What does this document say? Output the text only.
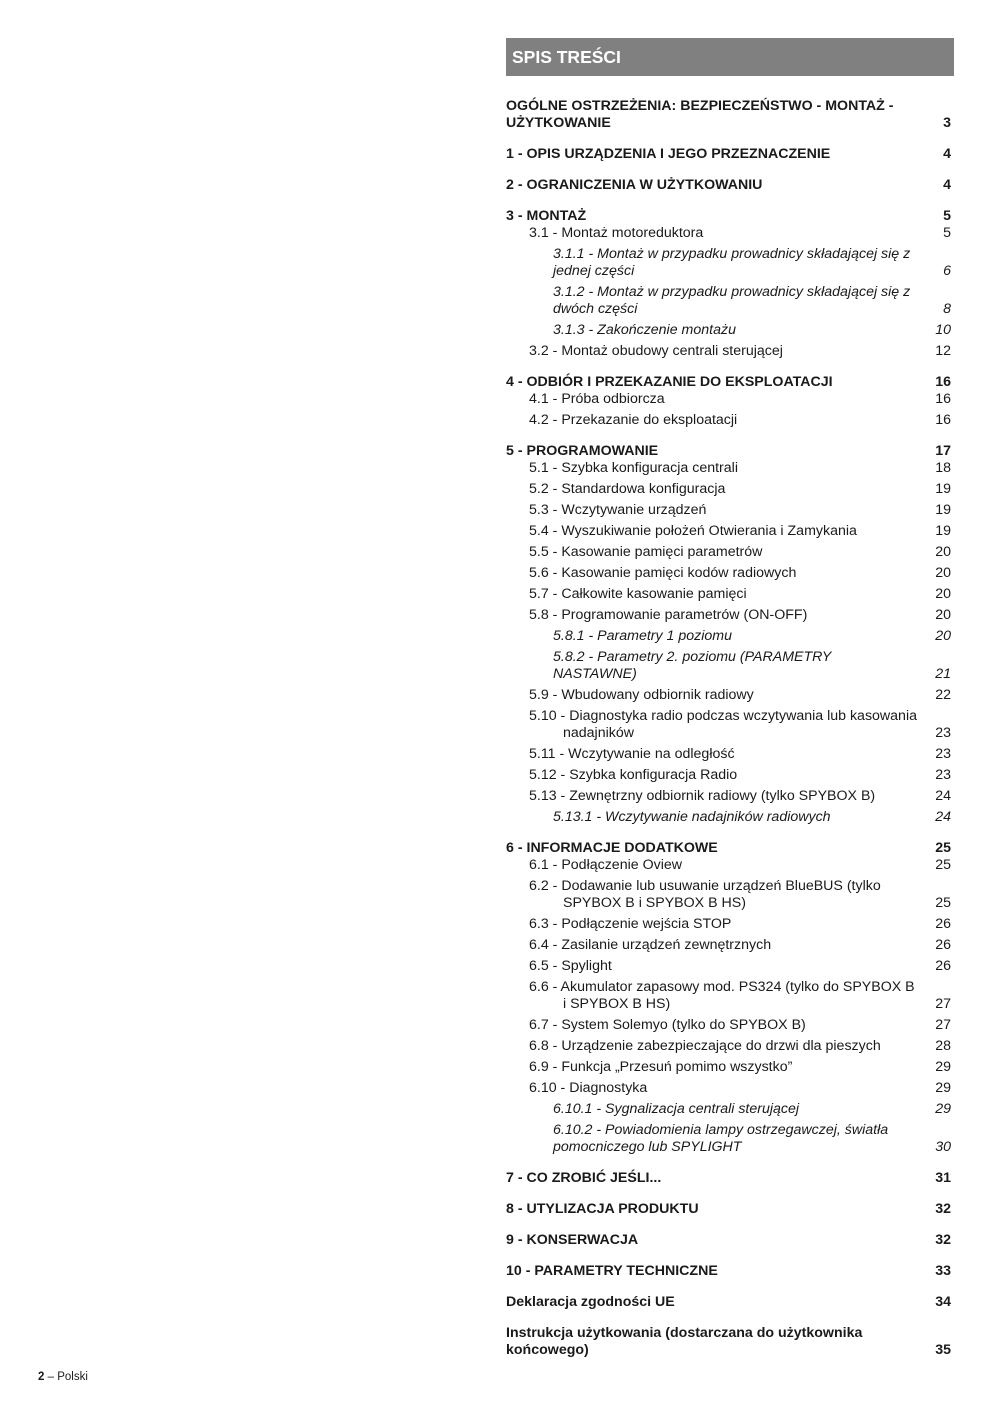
SPIS TREŚCI
OGÓLNE OSTRZEŻENIA: BEZPIECZEŃSTWO - MONTAŻ - UŻYTKOWANIE	3
1 - OPIS URZĄDZENIA I JEGO PRZEZNACZENIE	4
2 - OGRANICZENIA W UŻYTKOWANIU	4
3 - MONTAŻ	5
3.1 - Montaż motoreduktora	5
3.1.1 - Montaż w przypadku prowadnicy składającej się z jednej części	6
3.1.2 - Montaż w przypadku prowadnicy składającej się z dwóch części	8
3.1.3 - Zakończenie montażu	10
3.2 - Montaż obudowy centrali sterującej	12
4 - ODBIÓR I PRZEKAZANIE DO EKSPLOATACJI	16
4.1 - Próba odbiorcza	16
4.2 - Przekazanie do eksploatacji	16
5 - PROGRAMOWANIE	17
5.1 - Szybka konfiguracja centrali	18
5.2 - Standardowa konfiguracja	19
5.3 - Wczytywanie urządzeń	19
5.4 - Wyszukiwanie położeń Otwierania i Zamykania	19
5.5 - Kasowanie pamięci parametrów	20
5.6 - Kasowanie pamięci kodów radiowych	20
5.7 - Całkowite kasowanie pamięci	20
5.8 - Programowanie parametrów (ON-OFF)	20
5.8.1 - Parametry 1 poziomu	20
5.8.2 - Parametry 2. poziomu (PARAMETRY NASTAWNE)	21
5.9 - Wbudowany odbiornik radiowy	22
5.10 - Diagnostyka radio podczas wczytywania lub kasowania nadajników	23
5.11 - Wczytywanie na odległość	23
5.12 - Szybka konfiguracja Radio	23
5.13 - Zewnętrzny odbiornik radiowy (tylko SPYBOX B)	24
5.13.1 - Wczytywanie nadajników radiowych	24
6 - INFORMACJE DODATKOWE	25
6.1 - Podłączenie Oview	25
6.2 - Dodawanie lub usuwanie urządzeń BlueBUS (tylko SPYBOX B i SPYBOX B HS)	25
6.3 - Podłączenie wejścia STOP	26
6.4 - Zasilanie urządzeń zewnętrznych	26
6.5 - Spylight	26
6.6 - Akumulator zapasowy mod. PS324 (tylko do SPYBOX B i SPYBOX B HS)	27
6.7 - System Solemyo (tylko do SPYBOX B)	27
6.8 - Urządzenie zabezpieczające do drzwi dla pieszych	28
6.9 - Funkcja „Przesuń pomimo wszystko”	29
6.10 - Diagnostyka	29
6.10.1 - Sygnalizacja centrali sterującej	29
6.10.2 - Powiadomienia lampy ostrzegawczej, światła pomocniczego lub SPYLIGHT	30
7 - CO ZROBIĆ JEŚLI...	31
8 - UTYLIZACJA PRODUKTU	32
9 - KONSERWACJA	32
10 - PARAMETRY TECHNICZNE	33
Deklaracja zgodności UE	34
Instrukcja użytkowania (dostarczana do użytkownika końcowego)	35
2 – Polski
